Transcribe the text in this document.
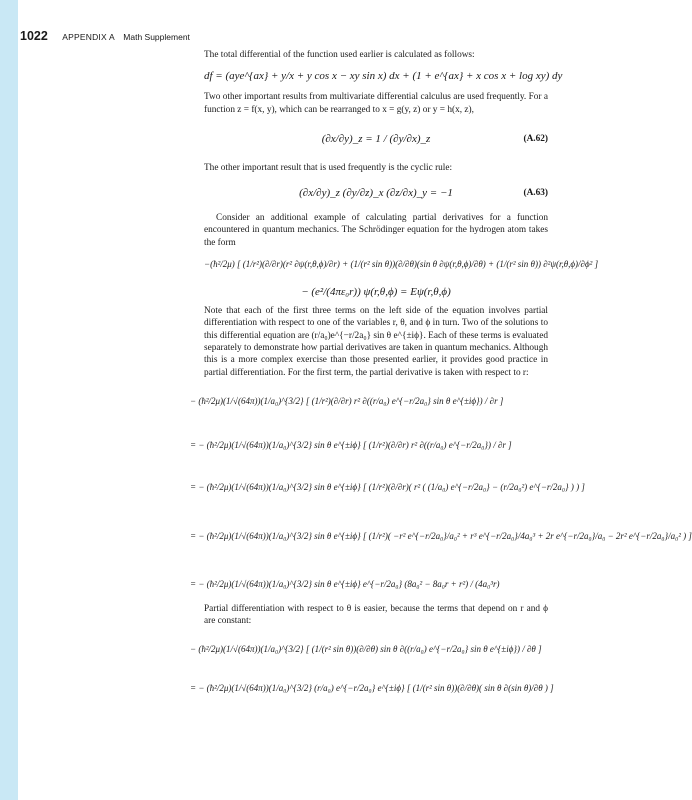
1022 APPENDIX A Math Supplement

The total differential of the function used earlier is calculated as follows:

df = (aye^{ax} + y/x + y cos x − xy sin x) dx + (1 + e^{ax} + x cos x + log xy) dy

Two other important results from multivariate differential calculus are used frequently. For a function z = f(x, y), which can be rearranged to x = g(y, z) or y = h(x, z),

(∂x/∂y)_z = 1 / (∂y/∂x)_z	(A.62)

The other important result that is used frequently is the cyclic rule:

(∂x/∂y)_z (∂y/∂z)_x (∂z/∂x)_y = −1	(A.63)

Consider an additional example of calculating partial derivatives for a function encountered in quantum mechanics. The Schrödinger equation for the hydrogen atom takes the form

−(ħ²/2μ) [ (1/r²)(∂/∂r)(r² ∂ψ(r,θ,ϕ)/∂r) + (1/(r² sin θ))(∂/∂θ)(sin θ ∂ψ(r,θ,ϕ)/∂θ) + (1/(r² sin θ)) ∂²ψ(r,θ,ϕ)/∂ϕ² ]
− (e²/(4πε₀r)) ψ(r,θ,ϕ) = Eψ(r,θ,ϕ)

Note that each of the first three terms on the left side of the equation involves partial differentiation with respect to one of the variables r, θ, and ϕ in turn. Two of the solutions to this differential equation are (r/a₀)e^{−r/2a₀} sin θ e^{±iϕ}. Each of these terms is evaluated separately to demonstrate how partial derivatives are taken in quantum mechanics. Although this is a more complex exercise than those presented earlier, it provides good practice in partial differentiation. For the first term, the partial derivative is taken with respect to r:

− (ħ²/2μ)(1/√(64π))(1/a₀)^{3/2} [ (1/r²)(∂/∂r) r² ∂((r/a₀) e^{−r/2a₀} sin θ e^{±iϕ}) / ∂r ]
= − (ħ²/2μ)(1/√(64π))(1/a₀)^{3/2} sin θ e^{±iϕ} [ (1/r²)(∂/∂r) r² ∂((r/a₀) e^{−r/2a₀}) / ∂r ]
= − (ħ²/2μ)(1/√(64π))(1/a₀)^{3/2} sin θ e^{±iϕ} [ (1/r²)(∂/∂r)( r² ( (1/a₀) e^{−r/2a₀} − (r/2a₀²) e^{−r/2a₀} ) ) ]
= − (ħ²/2μ)(1/√(64π))(1/a₀)^{3/2} sin θ e^{±iϕ} [ (1/r²)( −r² e^{−r/2a₀}/a₀² + r³ e^{−r/2a₀}/4a₀³ + 2r e^{−r/2a₀}/a₀ − 2r² e^{−r/2a₀}/a₀² ) ]
= − (ħ²/2μ)(1/√(64π))(1/a₀)^{3/2} sin θ e^{±iϕ} e^{−r/2a₀} (8a₀² − 8a₀r + r²) / (4a₀³r)

Partial differentiation with respect to θ is easier, because the terms that depend on r and ϕ are constant:

− (ħ²/2μ)(1/√(64π))(1/a₀)^{3/2} [ (1/(r² sin θ))(∂/∂θ) sin θ ∂((r/a₀) e^{−r/2a₀} sin θ e^{±iϕ}) / ∂θ ]
= − (ħ²/2μ)(1/√(64π))(1/a₀)^{3/2} (r/a₀) e^{−r/2a₀} e^{±iϕ} [ (1/(r² sin θ))(∂/∂θ)( sin θ ∂(sin θ)/∂θ ) ]
